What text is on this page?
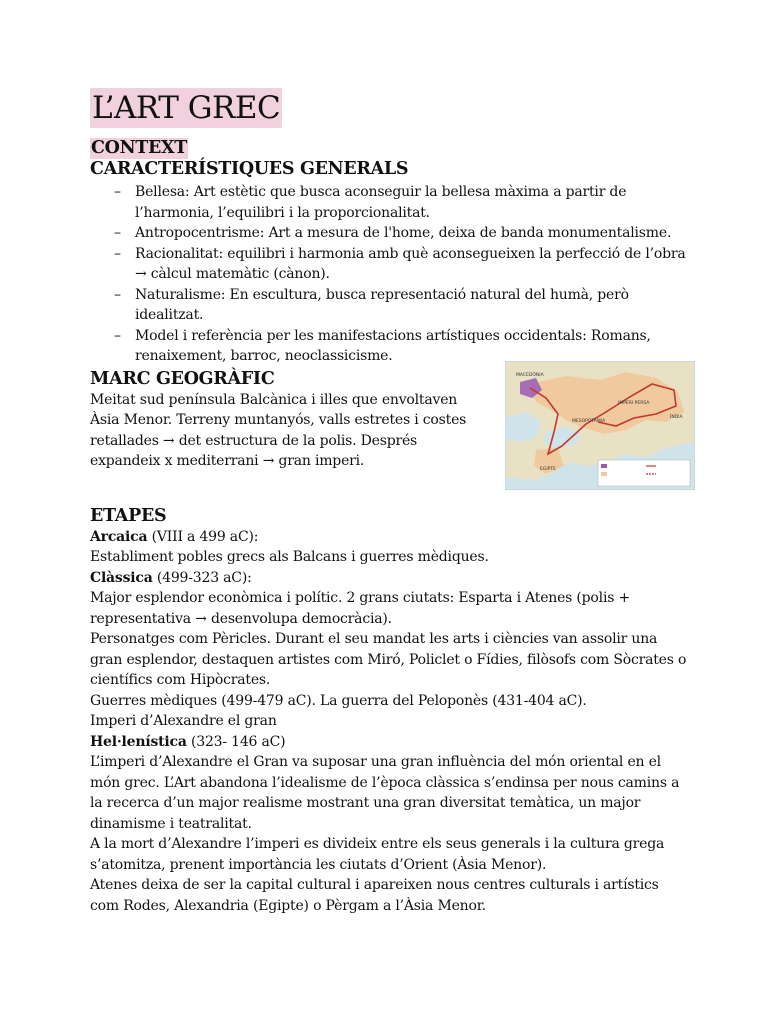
L’ART GREC
CONTEXT
CARACTERÍSTIQUES GENERALS
– Bellesa: Art estètic que busca aconseguir la bellesa màxima a partir de l’harmonia, l’equilibri i la proporcionalitat.
– Antropocentrisme: Art a mesura de l'home, deixa de banda monumentalisme.
– Racionalitat: equilibri i harmonia amb què aconsegueixen la perfecció de l’obra → càlcul matemàtic (cànon).
– Naturalisme: En escultura, busca representació natural del humà, però idealitzat.
– Model i referència per les manifestacions artístiques occidentals: Romans, renaixement, barroc, neoclassicisme.
MARC GEOGRÀFIC

Meitat sud península Balcànica i illes que envoltaven Àsia Menor. Terreny muntanyós, valls estretes i costes retallades → det estructura de la polis. Després expandeix x mediterrani → gran imperi.

MACEDÒNIA
MESOPOTÀMIA
IMPERI PERSA
ÍNDIA
EGIPTE
ETAPES

Arcaica (VIII a 499 aC):

Establiment pobles grecs als Balcans i guerres mèdiques.

Clàssica (499-323 aC):

Major esplendor econòmica i polític. 2 grans ciutats: Esparta i Atenes (polis + representativa → desenvolupa democràcia).

Personatges com Pèricles. Durant el seu mandat les arts i ciències van assolir una gran esplendor, destaquen artistes com Miró, Policlet o Fídies, filòsofs com Sòcrates o científics com Hipòcrates.

Guerres mèdiques (499-479 aC). La guerra del Peloponès (431-404 aC).

Imperi d’Alexandre el gran

Hel·lenística (323- 146 aC)

L’imperi d’Alexandre el Gran va suposar una gran influència del món oriental en el món grec. L’Art abandona l’idealisme de l’època clàssica s’endinsa per nous camins a la recerca d’un major realisme mostrant una gran diversitat temàtica, un major dinamisme i teatralitat.

A la mort d’Alexandre l’imperi es divideix entre els seus generals i la cultura grega s’atomitza, prenent importància les ciutats d’Orient (Àsia Menor).

Atenes deixa de ser la capital cultural i apareixen nous centres culturals i artístics com Rodes, Alexandria (Egipte) o Pèrgam a l’Àsia Menor.
